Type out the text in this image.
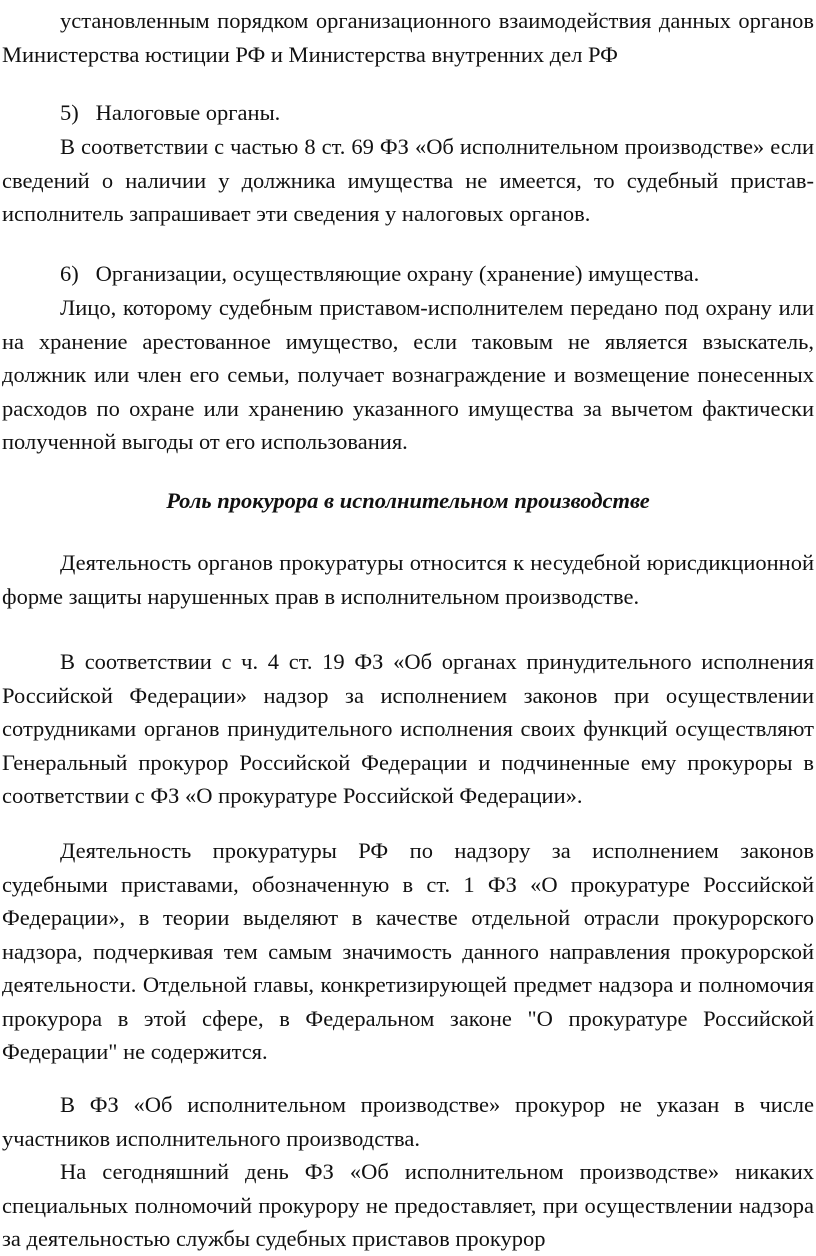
установленным порядком организационного взаимодействия данных органов Министерства юстиции РФ и Министерства внутренних дел РФ

5) Налоговые органы.

В соответствии с частью 8 ст. 69 ФЗ «Об исполнительном производстве» если сведений о наличии у должника имущества не имеется, то судебный пристав-исполнитель запрашивает эти сведения у налоговых органов.

6) Организации, осуществляющие охрану (хранение) имущества.

Лицо, которому судебным приставом-исполнителем передано под охрану или на хранение арестованное имущество, если таковым не является взыскатель, должник или член его семьи, получает вознаграждение и возмещение понесенных расходов по охране или хранению указанного имущества за вычетом фактически полученной выгоды от его использования.

Роль прокурора в исполнительном производстве

Деятельность органов прокуратуры относится к несудебной юрисдикционной форме защиты нарушенных прав в исполнительном производстве.

В соответствии с ч. 4 ст. 19 ФЗ «Об органах принудительного исполнения Российской Федерации» надзор за исполнением законов при осуществлении сотрудниками органов принудительного исполнения своих функций осуществляют Генеральный прокурор Российской Федерации и подчиненные ему прокуроры в соответствии с ФЗ «О прокуратуре Российской Федерации».

Деятельность прокуратуры РФ по надзору за исполнением законов судебными приставами, обозначенную в ст. 1 ФЗ «О прокуратуре Российской Федерации», в теории выделяют в качестве отдельной отрасли прокурорского надзора, подчеркивая тем самым значимость данного направления прокурорской деятельности. Отдельной главы, конкретизирующей предмет надзора и полномочия прокурора в этой сфере, в Федеральном законе "О прокуратуре Российской Федерации" не содержится.

В ФЗ «Об исполнительном производстве» прокурор не указан в числе участников исполнительного производства.

На сегодняшний день ФЗ «Об исполнительном производстве» никаких специальных полномочий прокурору не предоставляет, при осуществлении надзора за деятельностью службы судебных приставов прокурор
